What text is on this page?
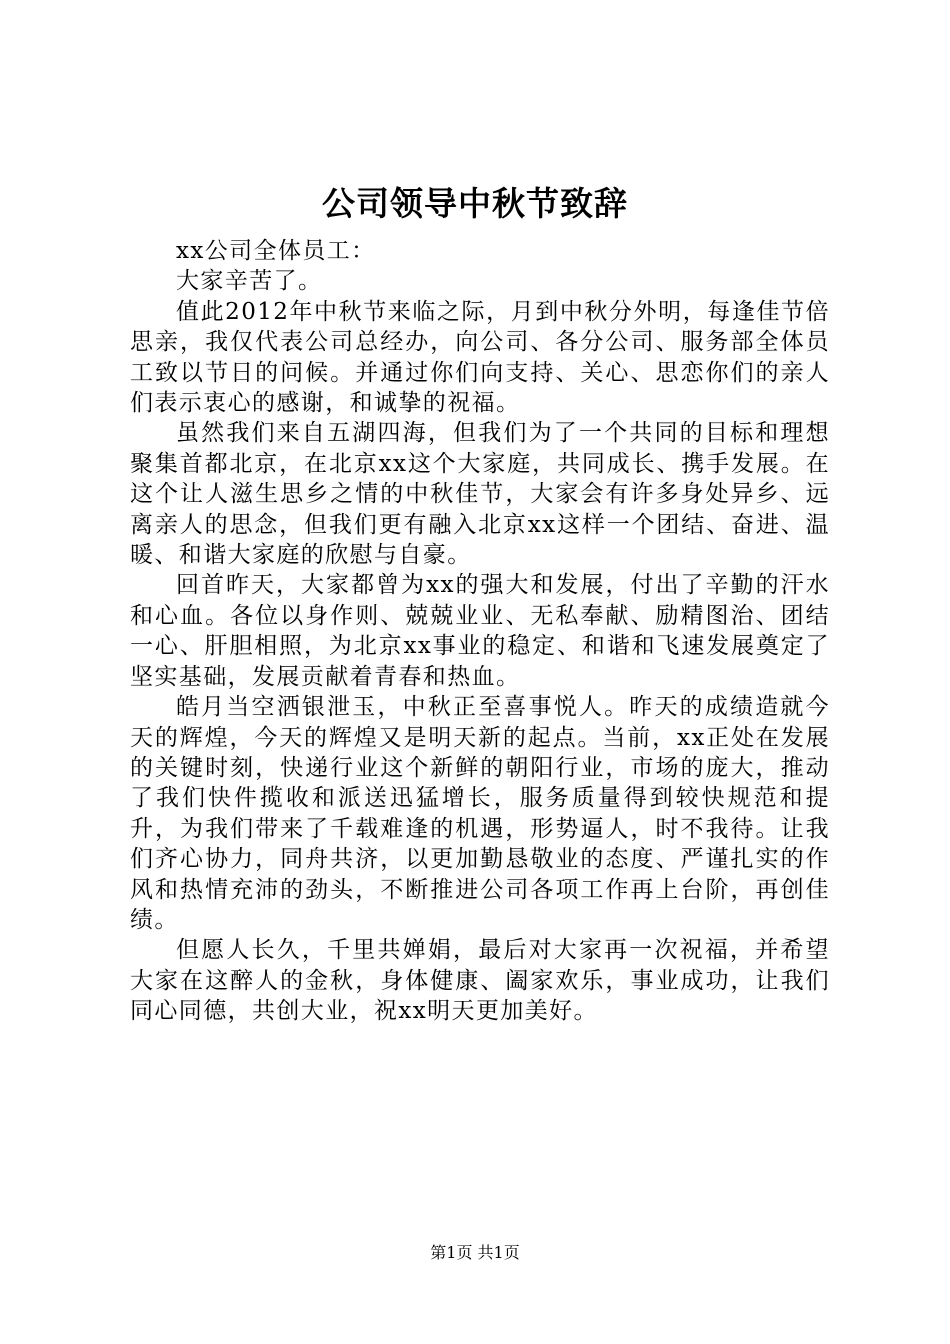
公司领导中秋节致辞

xx公司全体员工：

大家辛苦了。

值此2012年中秋节来临之际，月到中秋分外明，每逢佳节倍思亲，我仅代表公司总经办，向公司、各分公司、服务部全体员工致以节日的问候。并通过你们向支持、关心、思恋你们的亲人们表示衷心的感谢，和诚挚的祝福。

虽然我们来自五湖四海，但我们为了一个共同的目标和理想聚集首都北京，在北京xx这个大家庭，共同成长、携手发展。在这个让人滋生思乡之情的中秋佳节，大家会有许多身处异乡、远离亲人的思念，但我们更有融入北京xx这样一个团结、奋进、温暖、和谐大家庭的欣慰与自豪。

回首昨天，大家都曾为xx的强大和发展，付出了辛勤的汗水和心血。各位以身作则、兢兢业业、无私奉献、励精图治、团结一心、肝胆相照，为北京xx事业的稳定、和谐和飞速发展奠定了坚实基础，发展贡献着青春和热血。

皓月当空洒银泄玉，中秋正至喜事悦人。昨天的成绩造就今天的辉煌，今天的辉煌又是明天新的起点。当前，xx正处在发展的关键时刻，快递行业这个新鲜的朝阳行业，市场的庞大，推动了我们快件揽收和派送迅猛增长，服务质量得到较快规范和提升，为我们带来了千载难逢的机遇，形势逼人，时不我待。让我们齐心协力，同舟共济，以更加勤恳敬业的态度、严谨扎实的作风和热情充沛的劲头，不断推进公司各项工作再上台阶，再创佳绩。

但愿人长久，千里共婵娟，最后对大家再一次祝福，并希望大家在这醉人的金秋，身体健康、阖家欢乐，事业成功，让我们同心同德，共创大业，祝xx明天更加美好。

第1页 共1页
